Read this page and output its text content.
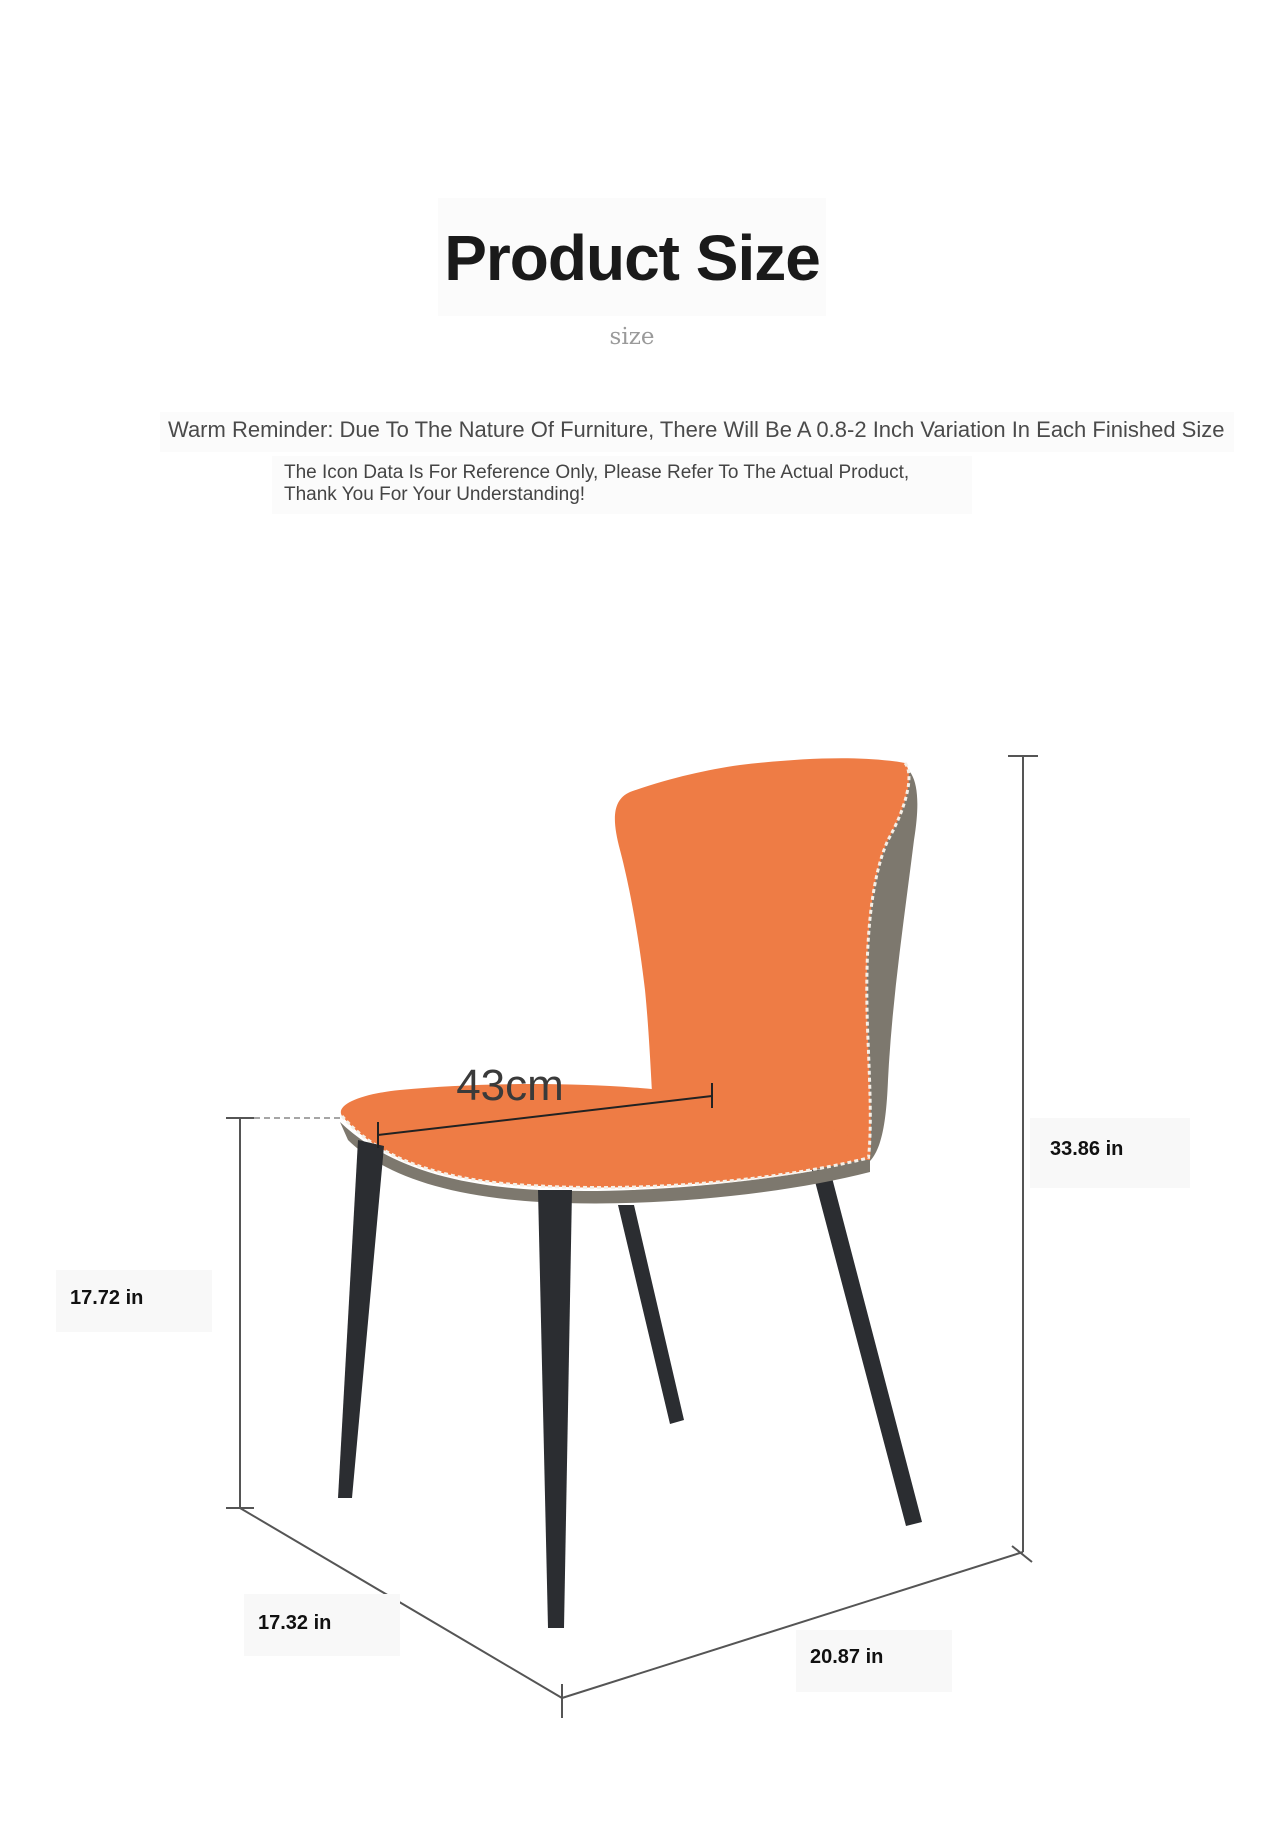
Product Size
size
Warm Reminder: Due To The Nature Of Furniture, There Will Be A 0.8-2 Inch Variation In Each Finished Size
The Icon Data Is For Reference Only, Please Refer To The Actual Product,
Thank You For Your Understanding!
43cm
33.86 in
17.72 in
17.32 in
20.87 in
